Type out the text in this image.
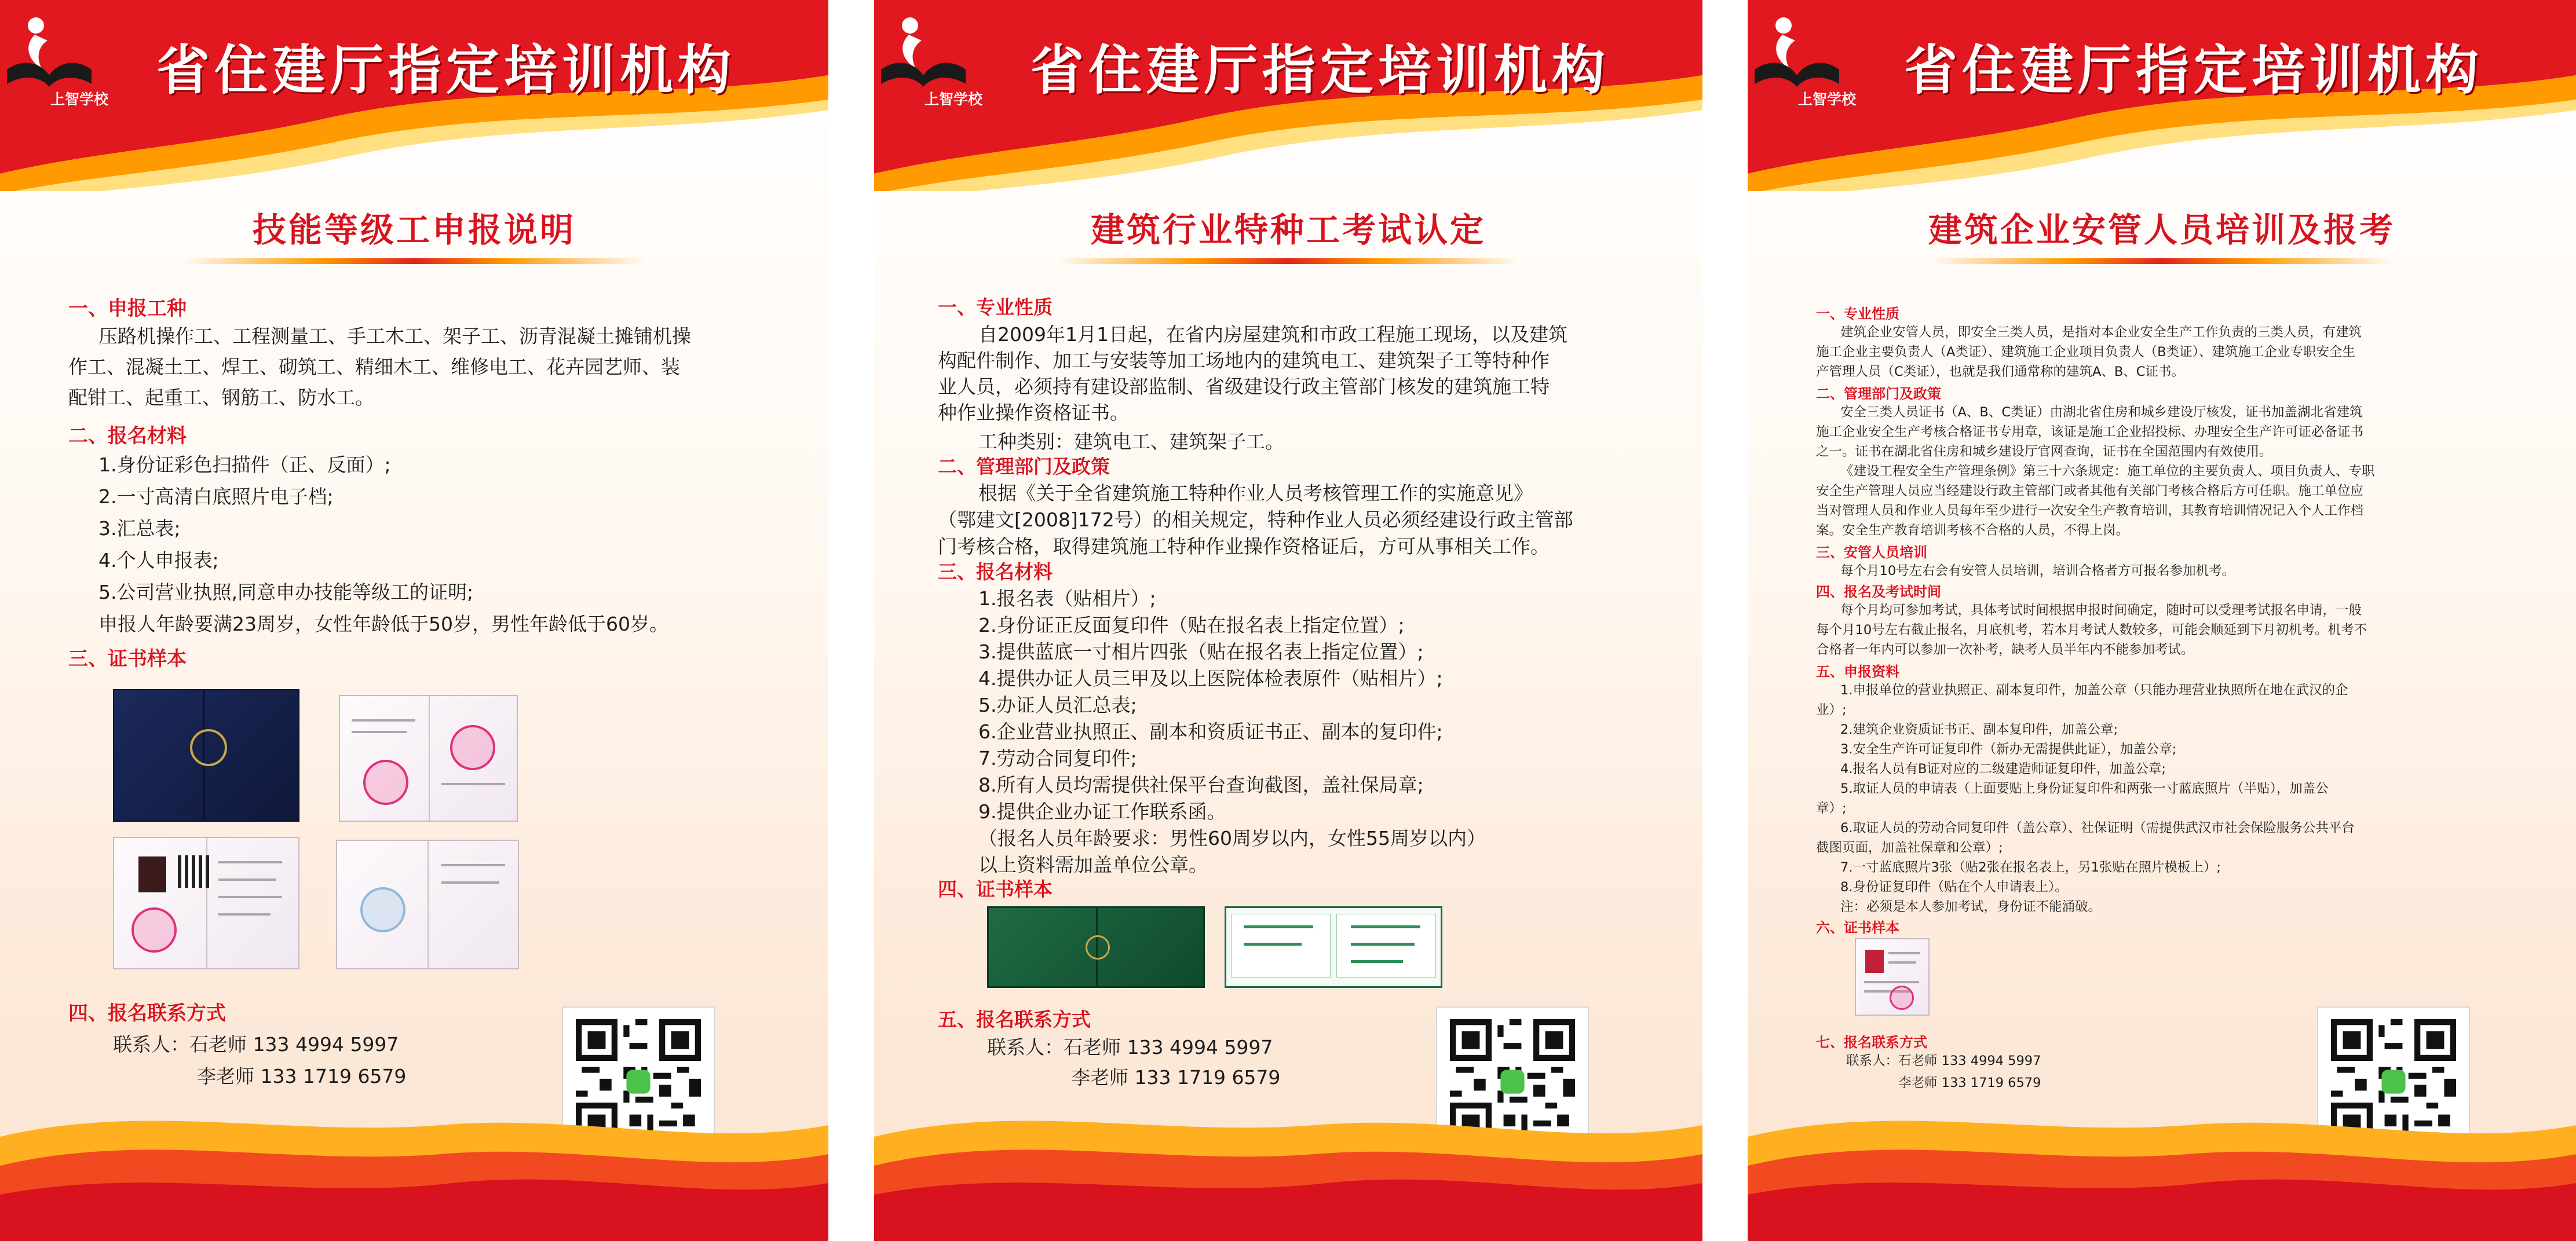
上智学校 省住建厅指定培训机构
技能等级工申报说明
一、申报工种
压路机操作工、工程测量工、手工木工、架子工、沥青混凝土摊铺机操
作工、混凝土工、焊工、砌筑工、精细木工、维修电工、花卉园艺师、装
配钳工、起重工、钢筋工、防水工。
二、报名材料
1.身份证彩色扫描件（正、反面）;
2.一寸高清白底照片电子档;
3.汇总表;
4.个人申报表;
5.公司营业执照,同意申办技能等级工的证明;
申报人年龄要满23周岁，女性年龄低于50岁，男性年龄低于60岁。
三、证书样本
四、报名联系方式
联系人：石老师 133 4994 5997
李老师 133 1719 6579
上智学校 省住建厅指定培训机构
建筑行业特种工考试认定
一、专业性质
自2009年1月1日起，在省内房屋建筑和市政工程施工现场，以及建筑
构配件制作、加工与安装等加工场地内的建筑电工、建筑架子工等特种作
业人员，必须持有建设部监制、省级建设行政主管部门核发的建筑施工特
种作业操作资格证书。
工种类别：建筑电工、建筑架子工。
二、管理部门及政策
根据《关于全省建筑施工特种作业人员考核管理工作的实施意见》
（鄂建文[2008]172号）的相关规定，特种作业人员必须经建设行政主管部
门考核合格，取得建筑施工特种作业操作资格证后，方可从事相关工作。
三、报名材料
1.报名表（贴相片）;
2.身份证正反面复印件（贴在报名表上指定位置）;
3.提供蓝底一寸相片四张（贴在报名表上指定位置）;
4.提供办证人员三甲及以上医院体检表原件（贴相片）;
5.办证人员汇总表;
6.企业营业执照正、副本和资质证书正、副本的复印件;
7.劳动合同复印件;
8.所有人员均需提供社保平台查询截图，盖社保局章;
9.提供企业办证工作联系函。
（报名人员年龄要求：男性60周岁以内，女性55周岁以内）
以上资料需加盖单位公章。
四、证书样本
五、报名联系方式
联系人：石老师 133 4994 5997
李老师 133 1719 6579
上智学校 省住建厅指定培训机构
建筑企业安管人员培训及报考
一、专业性质
建筑企业安管人员，即安全三类人员，是指对本企业安全生产工作负责的三类人员，有建筑
施工企业主要负责人（A类证）、建筑施工企业项目负责人（B类证）、建筑施工企业专职安全生
产管理人员（C类证），也就是我们通常称的建筑A、B、C证书。
二、管理部门及政策
安全三类人员证书（A、B、C类证）由湖北省住房和城乡建设厅核发，证书加盖湖北省建筑
施工企业安全生产考核合格证书专用章，该证是施工企业招投标、办理安全生产许可证必备证书
之一。证书在湖北省住房和城乡建设厅官网查询，证书在全国范围内有效使用。
《建设工程安全生产管理条例》第三十六条规定：施工单位的主要负责人、项目负责人、专职
安全生产管理人员应当经建设行政主管部门或者其他有关部门考核合格后方可任职。施工单位应
当对管理人员和作业人员每年至少进行一次安全生产教育培训，其教育培训情况记入个人工作档
案。安全生产教育培训考核不合格的人员，不得上岗。
三、安管人员培训
每个月10号左右会有安管人员培训，培训合格者方可报名参加机考。
四、报名及考试时间
每个月均可参加考试，具体考试时间根据申报时间确定，随时可以受理考试报名申请，一般
每个月10号左右截止报名，月底机考，若本月考试人数较多，可能会顺延到下月初机考。机考不
合格者一年内可以参加一次补考，缺考人员半年内不能参加考试。
五、申报资料
1.申报单位的营业执照正、副本复印件，加盖公章（只能办理营业执照所在地在武汉的企
业）;
2.建筑企业资质证书正、副本复印件，加盖公章;
3.安全生产许可证复印件（新办无需提供此证），加盖公章;
4.报名人员有B证对应的二级建造师证复印件，加盖公章;
5.取证人员的申请表（上面要贴上身份证复印件和两张一寸蓝底照片（半贴），加盖公
章）;
6.取证人员的劳动合同复印件（盖公章）、社保证明（需提供武汉市社会保险服务公共平台
截图页面，加盖社保章和公章）;
7.一寸蓝底照片3张（贴2张在报名表上，另1张贴在照片模板上）;
8.身份证复印件（贴在个人申请表上）。
注：必须是本人参加考试，身份证不能涌破。
六、证书样本
七、报名联系方式
联系人：石老师 133 4994 5997
李老师 133 1719 6579
